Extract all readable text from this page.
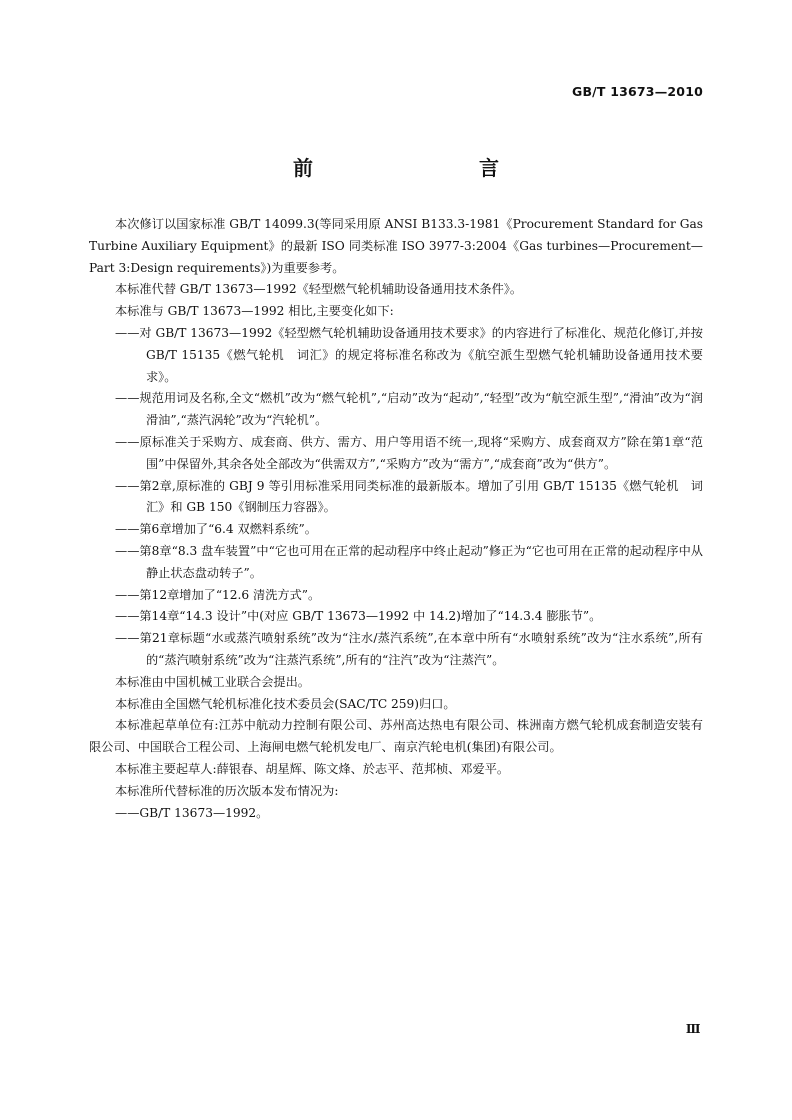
GB/T 13673—2010
前　　言

本次修订以国家标准 GB/T 14099.3(等同采用原 ANSI B133.3-1981《Procurement Standard for Gas Turbine Auxiliary Equipment》的最新 ISO 同类标准 ISO 3977-3:2004《Gas turbines—Procurement—Part 3:Design requirements》)为重要参考。

本标准代替 GB/T 13673—1992《轻型燃气轮机辅助设备通用技术条件》。

本标准与 GB/T 13673—1992 相比,主要变化如下:

——对 GB/T 13673—1992《轻型燃气轮机辅助设备通用技术要求》的内容进行了标准化、规范化修订,并按 GB/T 15135《燃气轮机　词汇》的规定将标准名称改为《航空派生型燃气轮机辅助设备通用技术要求》。

——规范用词及名称,全文“燃机”改为“燃气轮机”,“启动”改为“起动”,“轻型”改为“航空派生型”,“滑油”改为“润滑油”,“蒸汽涡轮”改为“汽轮机”。

——原标准关于采购方、成套商、供方、需方、用户等用语不统一,现将“采购方、成套商双方”除在第1章“范围”中保留外,其余各处全部改为“供需双方”,“采购方”改为“需方”,“成套商”改为“供方”。

——第2章,原标准的 GBJ 9 等引用标准采用同类标准的最新版本。增加了引用 GB/T 15135《燃气轮机　词汇》和 GB 150《钢制压力容器》。

——第6章增加了“6.4 双燃料系统”。

——第8章“8.3 盘车装置”中“它也可用在正常的起动程序中终止起动”修正为“它也可用在正常的起动程序中从静止状态盘动转子”。

——第12章增加了“12.6 清洗方式”。

——第14章“14.3 设计”中(对应 GB/T 13673—1992 中 14.2)增加了“14.3.4 膨胀节”。

——第21章标题“水或蒸汽喷射系统”改为“注水/蒸汽系统”,在本章中所有“水喷射系统”改为“注水系统”,所有的“蒸汽喷射系统”改为“注蒸汽系统”,所有的“注汽”改为“注蒸汽”。

本标准由中国机械工业联合会提出。

本标准由全国燃气轮机标准化技术委员会(SAC/TC 259)归口。

本标准起草单位有:江苏中航动力控制有限公司、苏州高达热电有限公司、株洲南方燃气轮机成套制造安装有限公司、中国联合工程公司、上海闸电燃气轮机发电厂、南京汽轮电机(集团)有限公司。

本标准主要起草人:薛银春、胡星辉、陈文烽、於志平、范邦桢、邓爱平。

本标准所代替标准的历次版本发布情况为:

——GB/T 13673—1992。

Ⅲ
